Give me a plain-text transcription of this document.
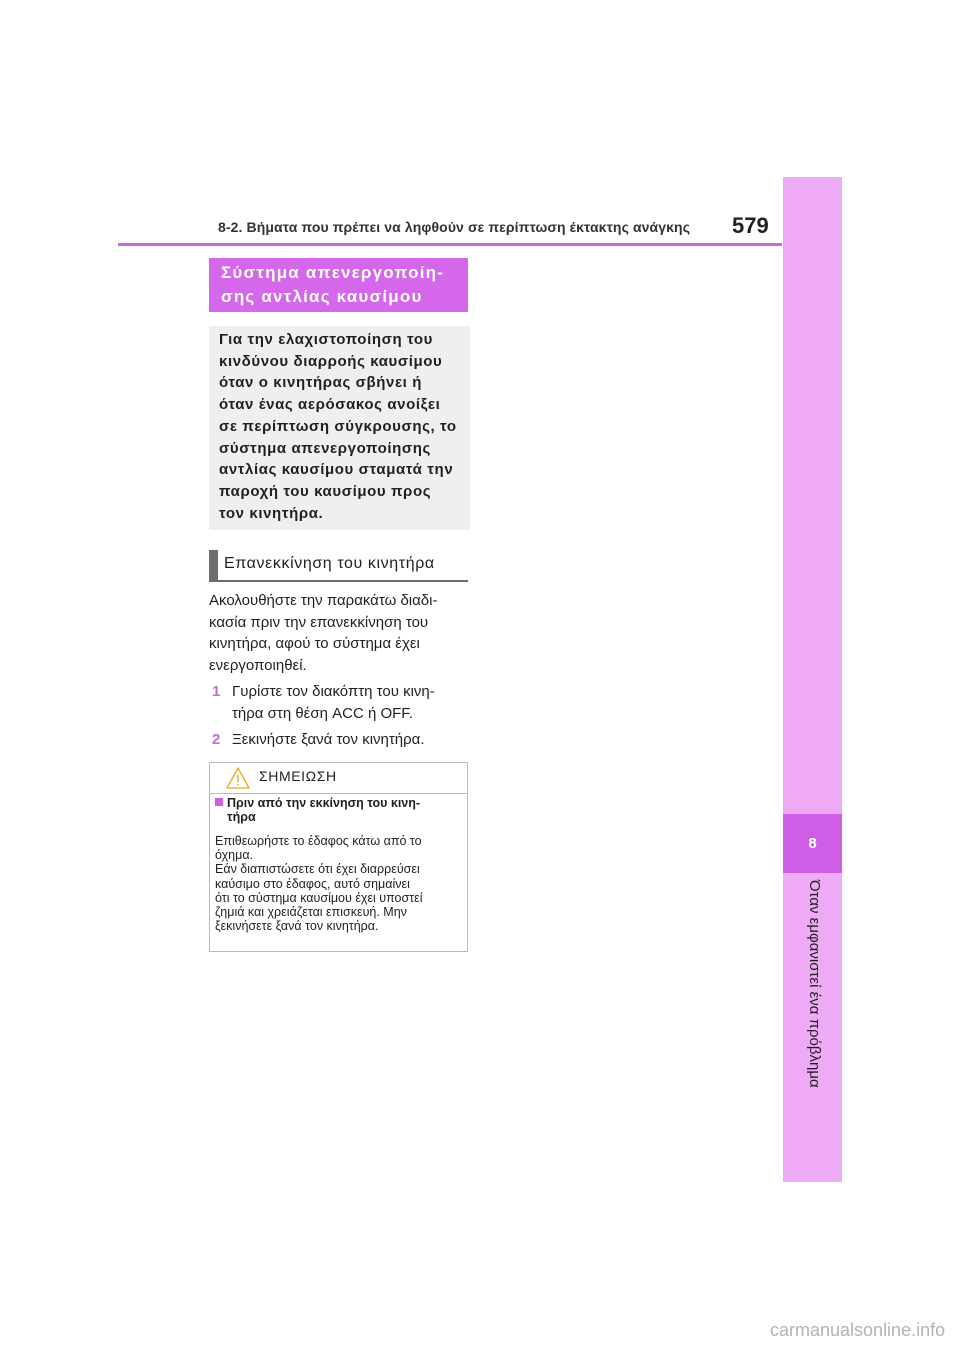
8-2. Βήματα που πρέπει να ληφθούν σε περίπτωση έκτακτης ανάγκης 579
8
Όταν εμφανιστεί ένα πρόβλημα
Σύστημα απενεργοποίη-
σης αντλίας καυσίμου
Για την ελαχιστοποίηση του
κινδύνου διαρροής καυσίμου
όταν ο κινητήρας σβήνει ή
όταν ένας αερόσακος ανοίξει
σε περίπτωση σύγκρουσης, το
σύστημα απενεργοποίησης
αντλίας καυσίμου σταματά την
παροχή του καυσίμου προς
τον κινητήρα.
Επανεκκίνηση του κινητήρα
Ακολουθήστε την παρακάτω διαδι-
κασία πριν την επανεκκίνηση του
κινητήρα, αφού το σύστημα έχει
ενεργοποιηθεί.
1 Γυρίστε τον διακόπτη του κινη-
τήρα στη θέση ACC ή OFF.
2 Ξεκινήστε ξανά τον κινητήρα.
ΣΗΜΕΙΩΣΗ
Πριν από την εκκίνηση του κινη-
τήρα
Επιθεωρήστε το έδαφος κάτω από το
όχημα.
Εάν διαπιστώσετε ότι έχει διαρρεύσει
καύσιμο στο έδαφος, αυτό σημαίνει
ότι το σύστημα καυσίμου έχει υποστεί
ζημιά και χρειάζεται επισκευή. Μην
ξεκινήσετε ξανά τον κινητήρα.
carmanualsonline.info
